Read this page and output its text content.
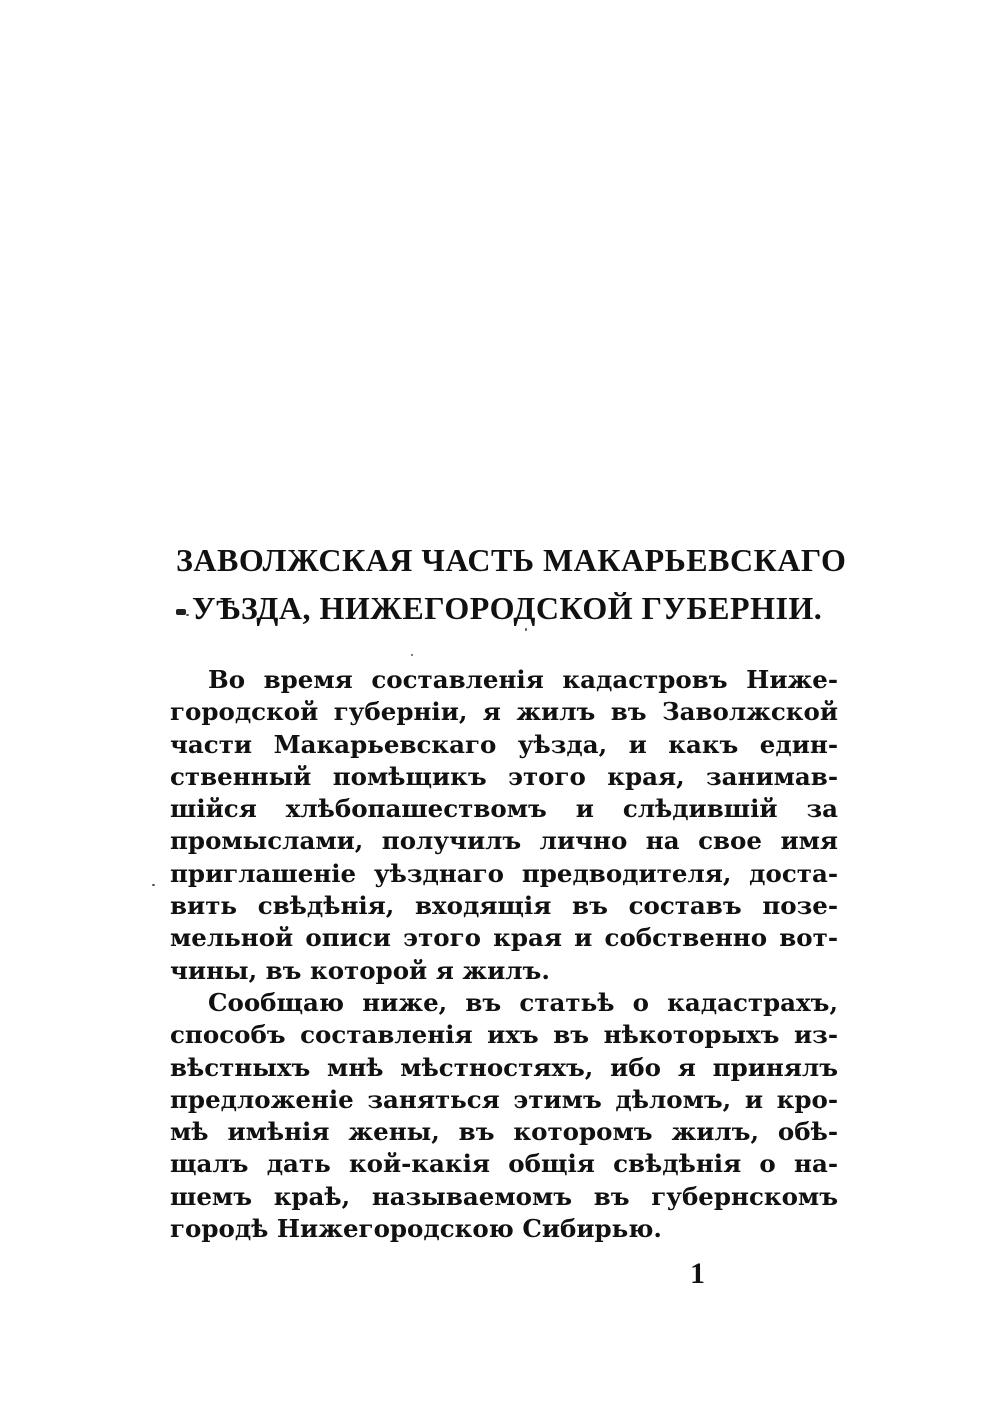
ЗАВОЛЖСКАЯ ЧАСТЬ МАКАРЬЕВСКАГО
УѢЗДА, НИЖЕГОРОДСКОЙ ГУБЕРНІИ.
Во время составленія кадастровъ Ниже-
городской губерніи, я жилъ въ Заволжской
части Макарьевскаго уѣзда, и какъ един-
ственный помѣщикъ этого края, занимав-
шійся хлѣбопашествомъ и слѣдившій за
промыслами, получилъ лично на свое имя
приглашеніе уѣзднаго предводителя, доста-
вить свѣдѣнія, входящія въ составъ позе-
мельной описи этого края и собственно вот-
чины, въ которой я жилъ.
Сообщаю ниже, въ статьѣ о кадастрахъ,
способъ составленія ихъ въ нѣкоторыхъ из-
вѣстныхъ мнѣ мѣстностяхъ, ибо я принялъ
предложеніе заняться этимъ дѣломъ, и кро-
мѣ имѣнія жены, въ которомъ жилъ, обѣ-
щалъ дать кой-какія общія свѣдѣнія о на-
шемъ краѣ, называемомъ въ губернскомъ
городѣ Нижегородскою Сибирью.
1
